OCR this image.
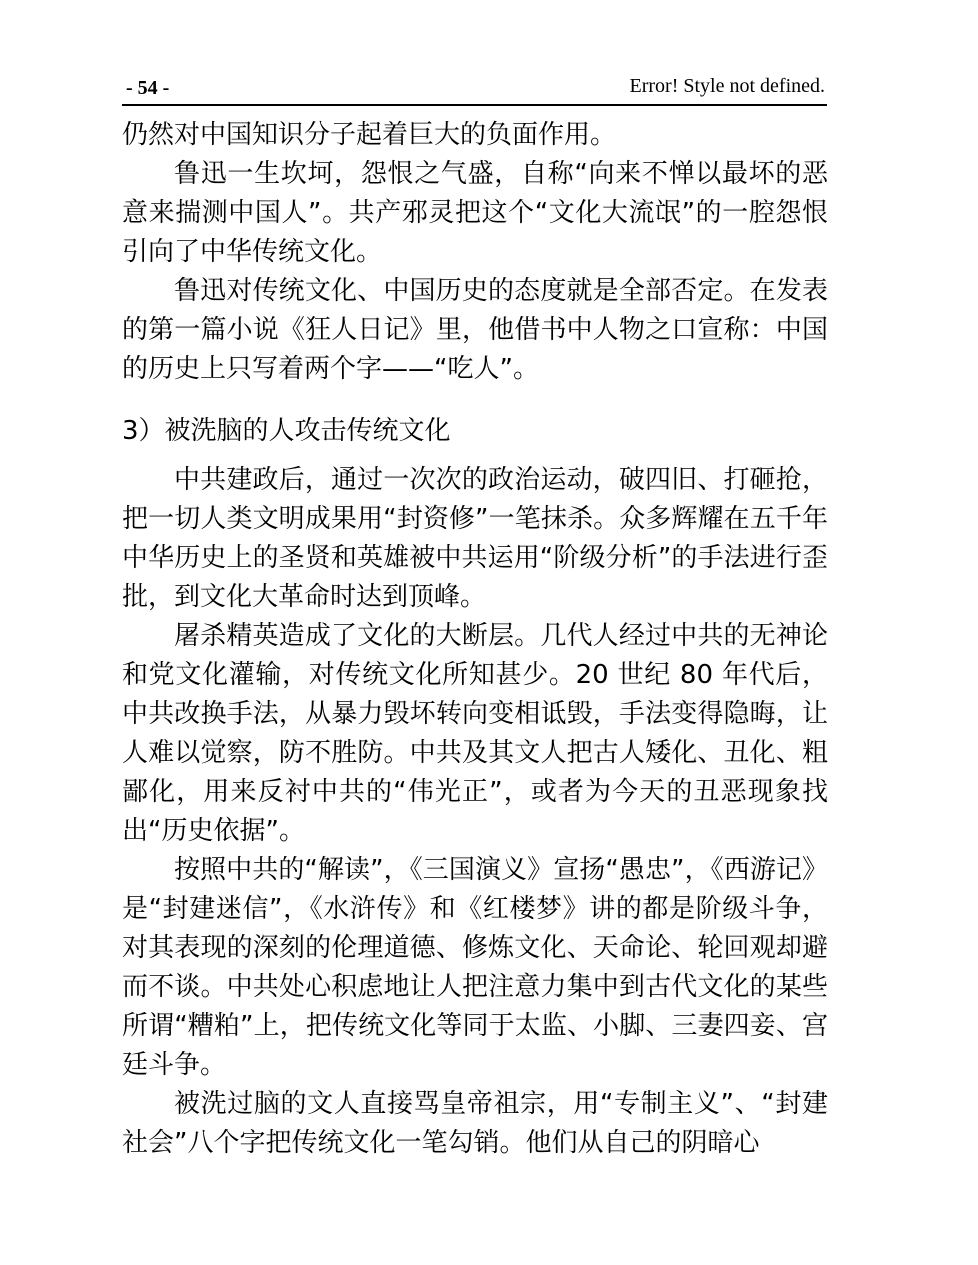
- 54 -	Error! Style not defined.

仍然对中国知识分子起着巨大的负面作用。

鲁迅一生坎坷，怨恨之气盛，自称“向来不惮以最坏的恶意来揣测中国人”。共产邪灵把这个“文化大流氓”的一腔怨恨引向了中华传统文化。

鲁迅对传统文化、中国历史的态度就是全部否定。在发表的第一篇小说《狂人日记》里，他借书中人物之口宣称：中国的历史上只写着两个字——“吃人”。

3）被洗脑的人攻击传统文化

中共建政后，通过一次次的政治运动，破四旧、打砸抢，把一切人类文明成果用“封资修”一笔抹杀。众多辉耀在五千年中华历史上的圣贤和英雄被中共运用“阶级分析”的手法进行歪批，到文化大革命时达到顶峰。

屠杀精英造成了文化的大断层。几代人经过中共的无神论和党文化灌输，对传统文化所知甚少。20 世纪 80 年代后，中共改换手法，从暴力毁坏转向变相诋毁，手法变得隐晦，让人难以觉察，防不胜防。中共及其文人把古人矮化、丑化、粗鄙化，用来反衬中共的“伟光正”，或者为今天的丑恶现象找出“历史依据”。

按照中共的“解读”，《三国演义》宣扬“愚忠”，《西游记》是“封建迷信”，《水浒传》和《红楼梦》讲的都是阶级斗争，对其表现的深刻的伦理道德、修炼文化、天命论、轮回观却避而不谈。中共处心积虑地让人把注意力集中到古代文化的某些所谓“糟粕”上，把传统文化等同于太监、小脚、三妻四妾、宫廷斗争。

被洗过脑的文人直接骂皇帝祖宗，用“专制主义”、“封建社会”八个字把传统文化一笔勾销。他们从自己的阴暗心
